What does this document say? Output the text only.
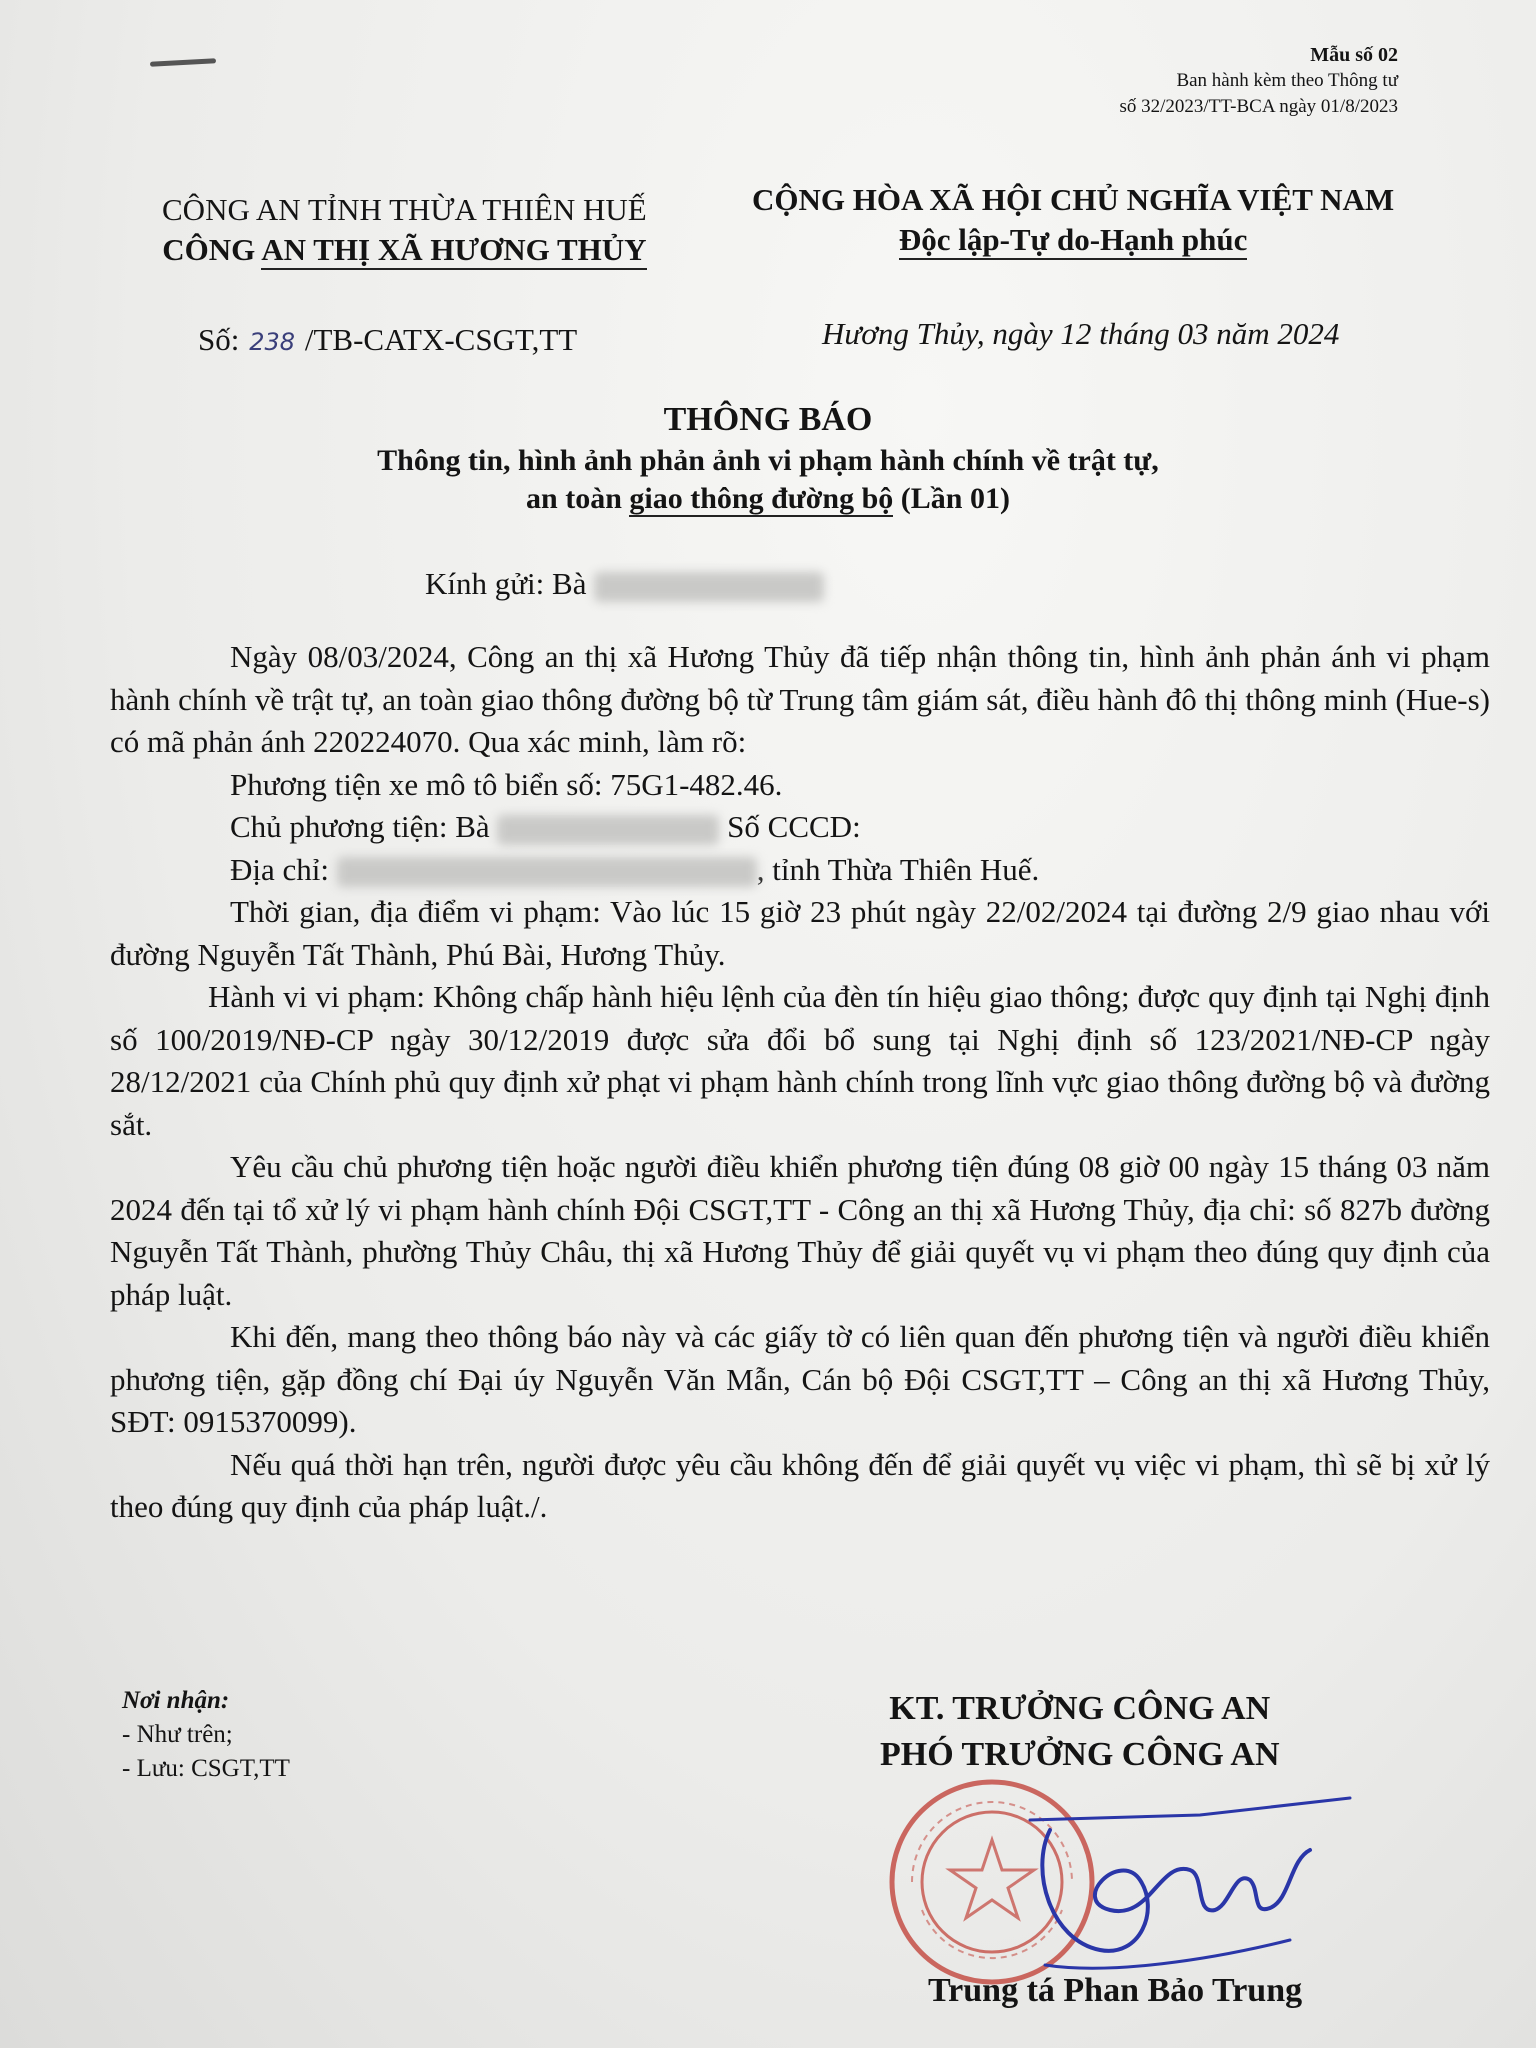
Mẫu số 02
Ban hành kèm theo Thông tư
số 32/2023/TT-BCA ngày 01/8/2023
CÔNG AN TỈNH THỪA THIÊN HUẾ
CÔNG AN THỊ XÃ HƯƠNG THỦY
CỘNG HÒA XÃ HỘI CHỦ NGHĨA VIỆT NAM
Độc lập-Tự do-Hạnh phúc
Số: 238 /TB-CATX-CSGT,TT	Hương Thủy, ngày 12 tháng 03 năm 2024
THÔNG BÁO
Thông tin, hình ảnh phản ảnh vi phạm hành chính về trật tự,
an toàn giao thông đường bộ (Lần 01)
Kính gửi: Bà

Ngày 08/03/2024, Công an thị xã Hương Thủy đã tiếp nhận thông tin, hình ảnh phản ánh vi phạm hành chính về trật tự, an toàn giao thông đường bộ từ Trung tâm giám sát, điều hành đô thị thông minh (Hue-s) có mã phản ánh 220224070. Qua xác minh, làm rõ:

Phương tiện xe mô tô biển số: 75G1-482.46.

Chủ phương tiện: Bà	Số CCCD:

Địa chỉ:	, tỉnh Thừa Thiên Huế.

Thời gian, địa điểm vi phạm: Vào lúc 15 giờ 23 phút ngày 22/02/2024 tại đường 2/9 giao nhau với đường Nguyễn Tất Thành, Phú Bài, Hương Thủy.

Hành vi vi phạm: Không chấp hành hiệu lệnh của đèn tín hiệu giao thông; được quy định tại Nghị định số 100/2019/NĐ-CP ngày 30/12/2019 được sửa đổi bổ sung tại Nghị định số 123/2021/NĐ-CP ngày 28/12/2021 của Chính phủ quy định xử phạt vi phạm hành chính trong lĩnh vực giao thông đường bộ và đường sắt.

Yêu cầu chủ phương tiện hoặc người điều khiển phương tiện đúng 08 giờ 00 ngày 15 tháng 03 năm 2024 đến tại tổ xử lý vi phạm hành chính Đội CSGT,TT - Công an thị xã Hương Thủy, địa chỉ: số 827b đường Nguyễn Tất Thành, phường Thủy Châu, thị xã Hương Thủy để giải quyết vụ vi phạm theo đúng quy định của pháp luật.

Khi đến, mang theo thông báo này và các giấy tờ có liên quan đến phương tiện và người điều khiển phương tiện, gặp đồng chí Đại úy Nguyễn Văn Mẫn, Cán bộ Đội CSGT,TT – Công an thị xã Hương Thủy, SĐT: 0915370099).

Nếu quá thời hạn trên, người được yêu cầu không đến để giải quyết vụ việc vi phạm, thì sẽ bị xử lý theo đúng quy định của pháp luật./.

Nơi nhận:
- Như trên;
- Lưu: CSGT,TT
KT. TRƯỞNG CÔNG AN
PHÓ TRƯỞNG CÔNG AN
Trung tá Phan Bảo Trung
